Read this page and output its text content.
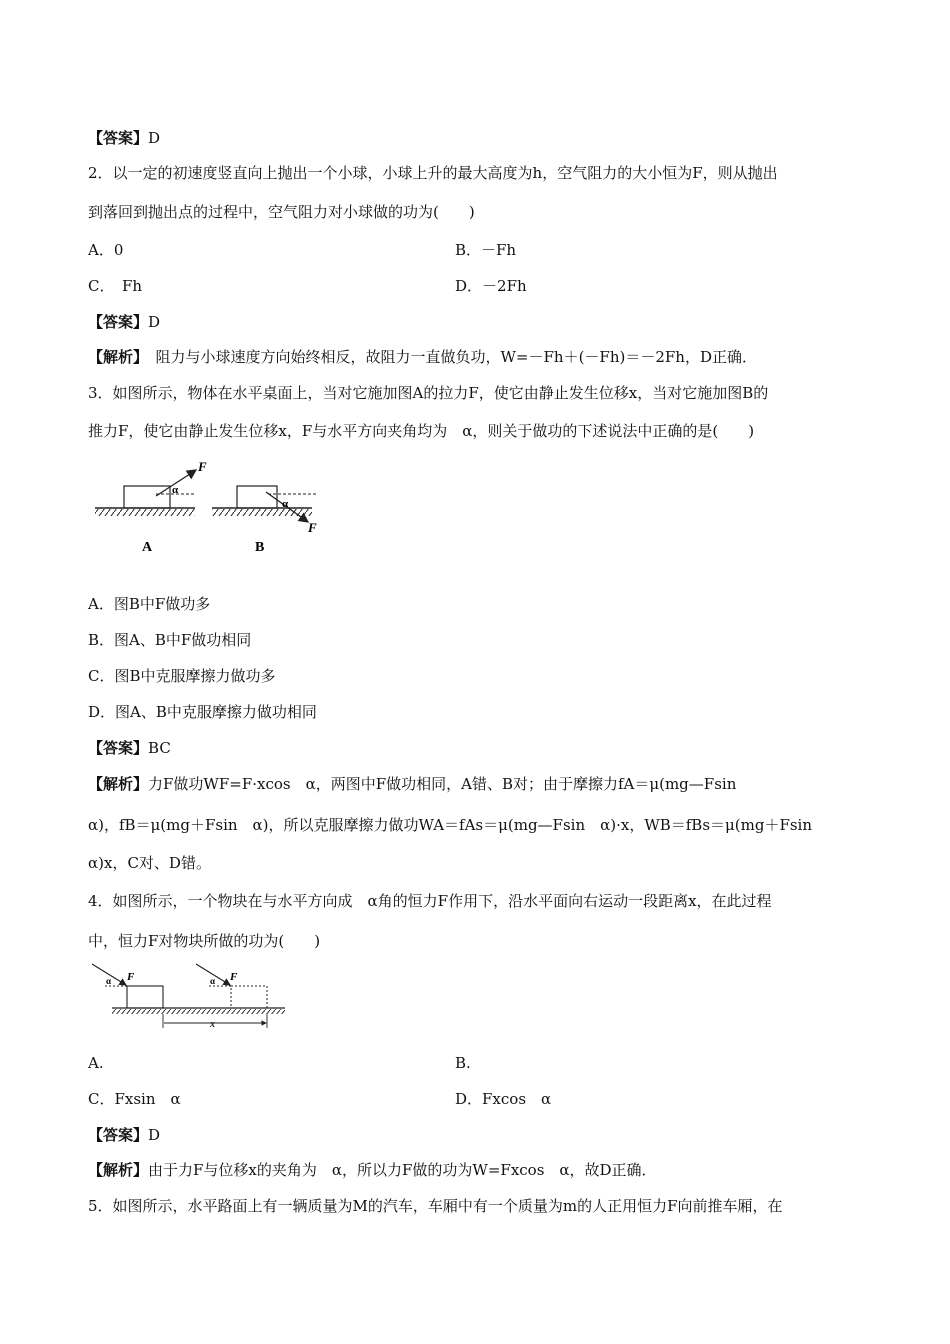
【答案】D
2．以一定的初速度竖直向上抛出一个小球，小球上升的最大高度为h，空气阻力的大小恒为F，则从抛出
到落回到抛出点的过程中，空气阻力对小球做的功为(　　)
A．0	B．－Fh
C．　Fh	D．－2Fh
【答案】D
【解析】　阻力与小球速度方向始终相反，故阻力一直做负功，W=－Fh＋(－Fh)＝－2Fh，D正确．
3．如图所示，物体在水平桌面上，当对它施加图A的拉力F，使它由静止发生位移x，当对它施加图B的
推力F，使它由静止发生位移x，F与水平方向夹角均为　α，则关于做功的下述说法中正确的是(　　)
F
α
A
F
α
B
A．图B中F做功多
B．图A、B中F做功相同
C．图B中克服摩擦力做功多
D．图A、B中克服摩擦力做功相同
【答案】BC
【解析】力F做功WF=F·xcos　α，两图中F做功相同，A错、B对；由于摩擦力fA＝μ(mg—Fsin
α)，fB＝μ(mg＋Fsin　α)，所以克服摩擦力做功WA＝fAs＝μ(mg—Fsin　α)·x，WB＝fBs＝μ(mg＋Fsin
α)x，C对、D错。
4．如图所示，一个物块在与水平方向成　α角的恒力F作用下，沿水平面向右运动一段距离x，在此过程
中，恒力F对物块所做的功为(　　)
F
α	F
α
x
A.	B.
C．Fxsin　α	D．Fxcos　α
【答案】D
【解析】由于力F与位移x的夹角为　α，所以力F做的功为W=Fxcos　α，故D正确．
5．如图所示，水平路面上有一辆质量为M的汽车，车厢中有一个质量为m的人正用恒力F向前推车厢，在
